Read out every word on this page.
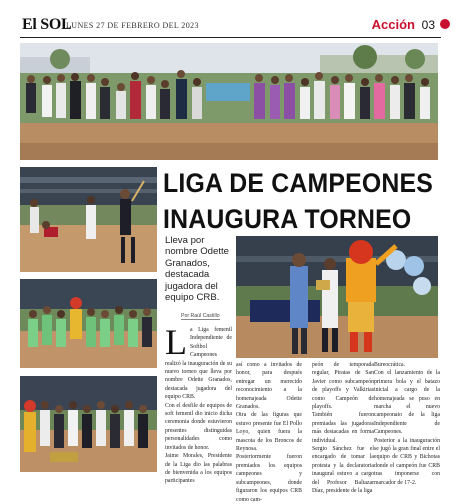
El SOL
LUNES 27 DE FEBRERO DEL 2023	Acción 03
LIGA DE CAMPEONES
INAUGURA TORNEO
Lleva por nombre Odette Granados, destacada jugadora del equipo CRB.
Por Raúl Castillo

L a Liga femenil Independiente de Softbol Campeones realizó la inauguración de su nuevo torneo que lleva por nombre Odette Granados, destacada jugadora del equipo CRB.

Con el desfile de equipos de soft femenil dio inicio dicha ceremonia donde estuvieron presentes distinguidas personalidades como invitados de honor.

Jaime Morales, Presidente de la Liga dio las palabras de bienvenida a los equipos participantes

así como a invitados de honor, para después entregar un merecido reconocimiento a la homenajeada Odette Granados.

Otra de las figuras que estuvo presente fue El Pollo Loyo, quien fuera la mascota de los Broncos de Reynosa.

Posteriormente fueron premiados los equipos campeones y subcampeones, donde figuraron los equipos CRB como cam-

peón de temporada regular, Piratas de San Javier como subcampeón de playoffs y Valkirias como Campeón de playoffs.

También fueron premiadas las jugadoras más destacadas en forma individual.

Sergio Sánchez fue el encargado de tomar la protesta y la declaratoria inaugural estuvo a cargo del Profesor Baltazar Díaz, presidente de la liga

Bureocrática.

Con el lanzamiento de la primera bola y el batazo inicial a cargo de la homenajeada se puso en marcha el nuevo campeonato de la liga Independiente de Campeones.

Posterior a la inauguración se jugó la gran final entre el equipo de CRB y Bichotas donde el campeón fue CRB tras imponerse con marcador de 17-2.
